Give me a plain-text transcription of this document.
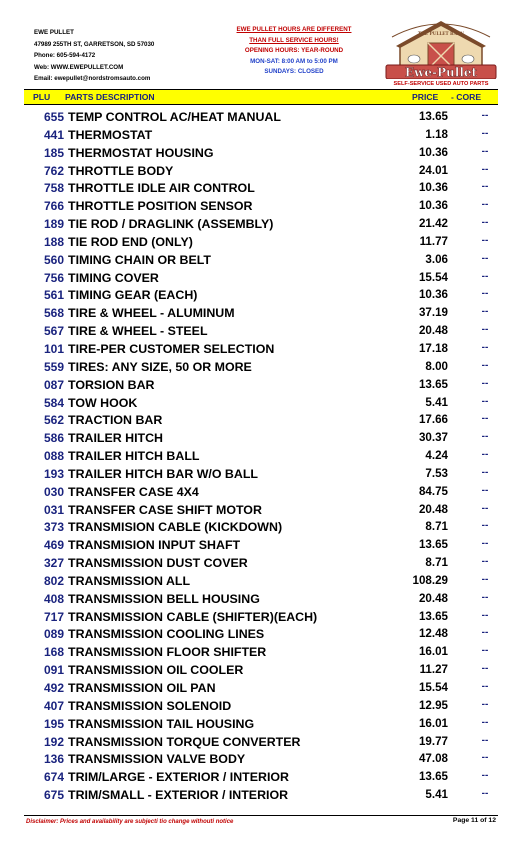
EWE PULLET
47989 255TH ST, GARRETSON, SD 57030
Phone: 605-594-4172
Web: WWW.EWEPULLET.COM
Email: ewepullet@nordstromsauto.com
EWE PULLET HOURS ARE DIFFERENT
THAN FULL SERVICE HOURS!
OPENING HOURS: YEAR-ROUND
MON-SAT: 8:00 AM to 5:00 PM
SUNDAYS: CLOSED
THE PULLET BARN
Ewe-Pullet
SELF-SERVICE USED AUTO PARTS
PLU PARTS DESCRIPTION	PRICE - CORE
655 TEMP CONTROL AC/HEAT MANUAL	13.65	--
441 THERMOSTAT	1.18	--
185 THERMOSTAT HOUSING	10.36	--
762 THROTTLE BODY	24.01	--
758 THROTTLE IDLE AIR CONTROL	10.36	--
766 THROTTLE POSITION SENSOR	10.36	--
189 TIE ROD / DRAGLINK (ASSEMBLY)	21.42	--
188 TIE ROD END (ONLY)	11.77	--
560 TIMING CHAIN OR BELT	3.06	--
756 TIMING COVER	15.54	--
561 TIMING GEAR (EACH)	10.36	--
568 TIRE & WHEEL - ALUMINUM	37.19	--
567 TIRE & WHEEL - STEEL	20.48	--
101 TIRE-PER CUSTOMER SELECTION	17.18	--
559 TIRES: ANY SIZE, 50 OR MORE	8.00	--
087 TORSION BAR	13.65	--
584 TOW HOOK	5.41	--
562 TRACTION BAR	17.66	--
586 TRAILER HITCH	30.37	--
088 TRAILER HITCH BALL	4.24	--
193 TRAILER HITCH BAR W/O BALL	7.53	--
030 TRANSFER CASE 4X4	84.75	--
031 TRANSFER CASE SHIFT MOTOR	20.48	--
373 TRANSMISION CABLE (KICKDOWN)	8.71	--
469 TRANSMISION INPUT SHAFT	13.65	--
327 TRANSMISSION DUST COVER	8.71	--
802 TRANSMISSION ALL	108.29	--
408 TRANSMISSION BELL HOUSING	20.48	--
717 TRANSMISSION CABLE (SHIFTER)(EACH)	13.65	--
089 TRANSMISSION COOLING LINES	12.48	--
168 TRANSMISSION FLOOR SHIFTER	16.01	--
091 TRANSMISSION OIL COOLER	11.27	--
492 TRANSMISSION OIL PAN	15.54	--
407 TRANSMISSION SOLENOID	12.95	--
195 TRANSMISSION TAIL HOUSING	16.01	--
192 TRANSMISSION TORQUE CONVERTER	19.77	--
136 TRANSMISSION VALVE BODY	47.08	--
674 TRIM/LARGE - EXTERIOR / INTERIOR	13.65	--
675 TRIM/SMALL - EXTERIOR / INTERIOR	5.41	--
Disclaimer: Prices and availability are subjecti tio change withouti notice	Page 11 of 12
